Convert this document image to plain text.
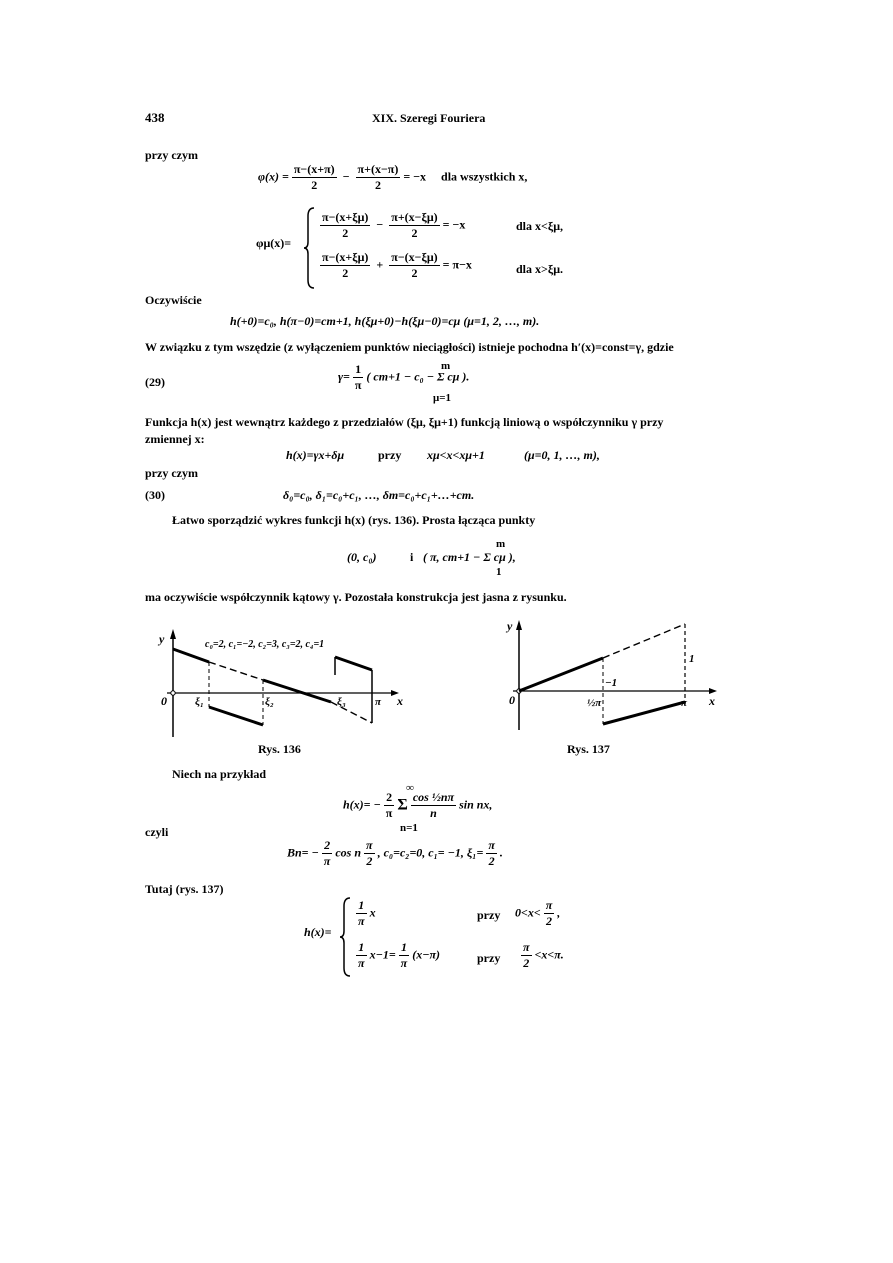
438	XIX. Szeregi Fouriera
przy czym
$\varphi(x) = \frac{\pi-(x+\pi)}{2} - \frac{\pi+(x-\pi)}{2} = -x$ dla wszystkich x,
φμ(x)=
$\frac{\pi-(x+\xi\mu)}{2} - \frac{\pi+(x-\xi\mu)}{2} = -x$	dla x<ξμ,
$\frac{\pi-(x+\xi\mu)}{2} + \frac{\pi-(x-\xi\mu)}{2} = \pi-x$	dla x>ξμ.
Oczywiście
h(+0)=c₀, h(π−0)=cm+1, h(ξμ+0)−h(ξμ−0)=cμ (μ=1, 2, …, m).
W związku z tym wszędzie (z wyłączeniem punktów nieciągłości) istnieje pochodna h′(x)=const=γ, gdzie
(29)	$\gamma= \frac{1}{\pi}$ ( cm+1 − c₀ − Σ cμ ).
m
μ=1
Funkcja h(x) jest wewnątrz każdego z przedziałów (ξμ, ξμ+1) funkcją liniową o współczynniku γ przy
zmiennej x:
h(x)=γx+δμ	przy xμ<x<xμ+1	(μ=0, 1, …, m),
przy czym
(30)	δ₀=c₀, δ₁=c₀+c₁, …, δm=c₀+c₁+…+cm.
Łatwo sporządzić wykres funkcji h(x) (rys. 136). Prosta łącząca punkty
(0, c₀)	i ( π, cm+1 − Σ cμ ),
m
1
ma oczywiście współczynnik kątowy γ. Pozostała konstrukcja jest jasna z rysunku.
y
0	x
ξ₁	ξ₂	ξ₃	π
c₀=2, c₁=−2, c₂=3, c₃=2, c₄=1
Rys. 136
y
0	x
½π	π
−1
1
Rys. 137
Niech na przykład
$h(x)= - \frac{2}{\pi}$ Σ $\frac{\text{cos ½nπ}}{n}$ sin nx,
∞
n=1
czyli
$Bn= - \frac{2}{\pi}$ cos n $\frac{\pi}{2}$ , c₀=c₂=0, c₁= −1, $\xi_1= \frac{\pi}{2}$ .
Tutaj (rys. 137)
h(x)=
$\frac{1}{\pi}$ x	przy $0<x< \frac{\pi}{2}$ ,
$\frac{1}{\pi} x-1= \frac{1}{\pi} (x-\pi)$	przy $\frac{\pi}{2} <x<\pi$.
